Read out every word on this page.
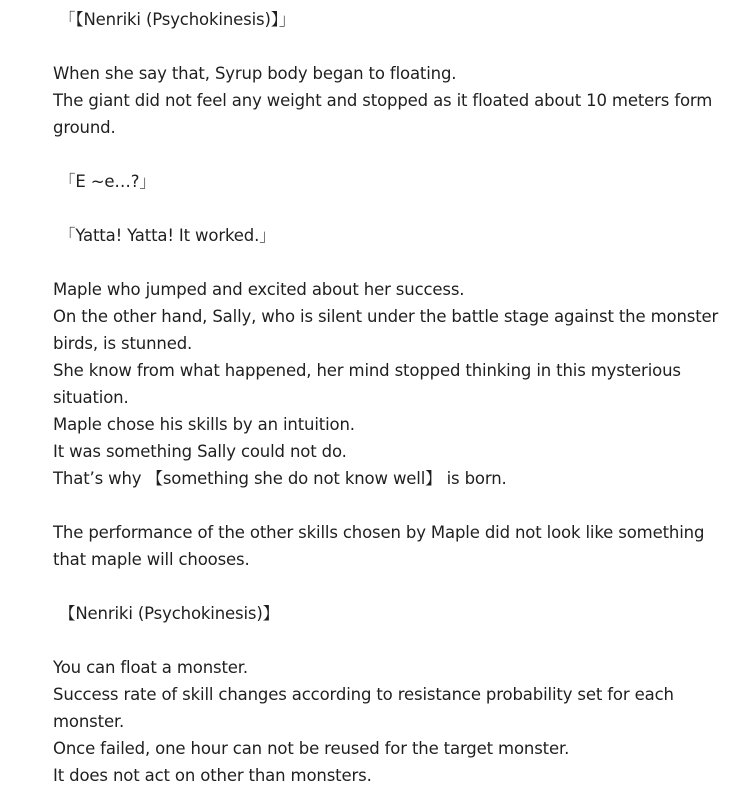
「【Nenriki (Psychokinesis)】」
When she say that, Syrup body began to floating.
The giant did not feel any weight and stopped as it floated about 10 meters form
ground.
「E ~e…?」
「Yatta! Yatta! It worked.」
Maple who jumped and excited about her success.
On the other hand, Sally, who is silent under the battle stage against the monster
birds, is stunned.
She know from what happened, her mind stopped thinking in this mysterious
situation.
Maple chose his skills by an intuition.
It was something Sally could not do.
That’s why 【something she do not know well】 is born.
The performance of the other skills chosen by Maple did not look like something
that maple will chooses.
【Nenriki (Psychokinesis)】
You can float a monster.
Success rate of skill changes according to resistance probability set for each
monster.
Once failed, one hour can not be reused for the target monster.
It does not act on other than monsters.
